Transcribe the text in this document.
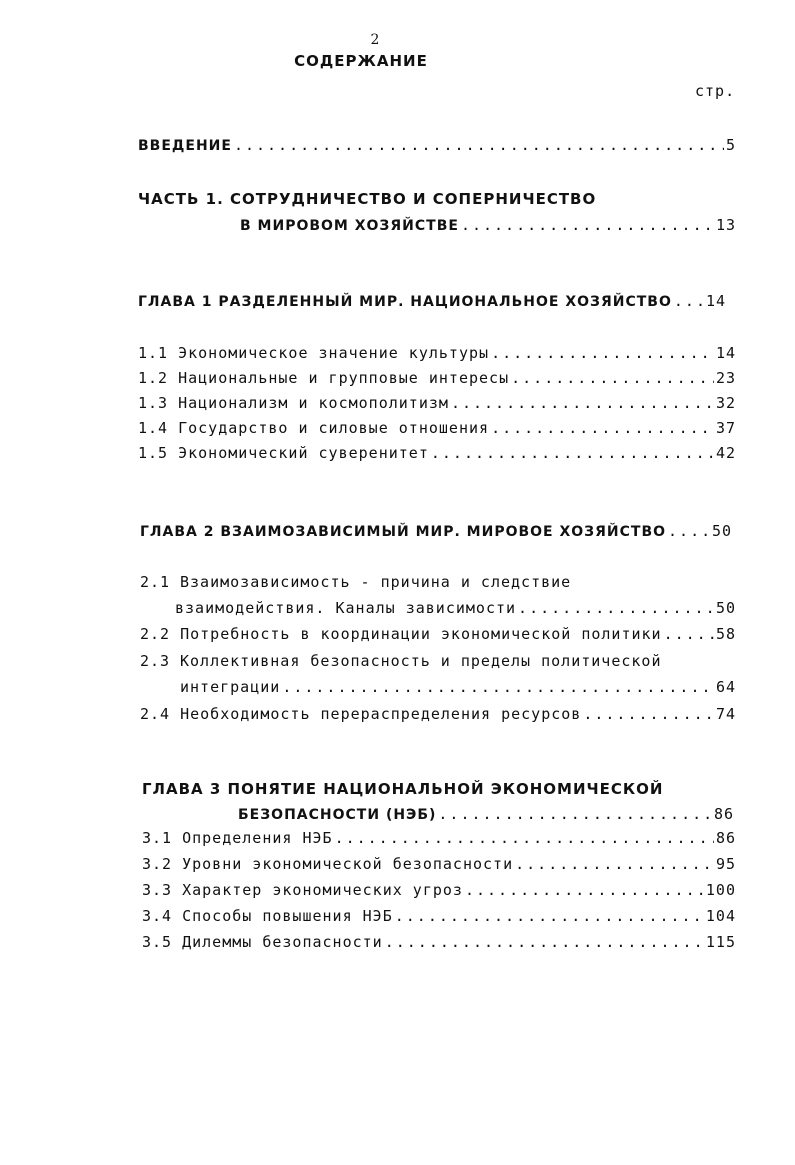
2
СОДЕРЖАНИЕ
стр.
ВВЕДЕНИЕ .....	5
ЧАСТЬ 1. СОТРУДНИЧЕСТВО И СОПЕРНИЧЕСТВО
В МИРОВОМ ХОЗЯЙСТВЕ .....	13
ГЛАВА 1 РАЗДЕЛЕННЫЙ МИР. НАЦИОНАЛЬНОЕ ХОЗЯЙСТВО ..... 14
1.1 Экономическое значение культуры .....	14
1.2 Национальные и групповые интересы .....	23
1.3 Национализм и космополитизм .....	32
1.4 Государство и силовые отношения .....	37
1.5 Экономический суверенитет .....	42
ГЛАВА 2 ВЗАИМОЗАВИСИМЫЙ МИР. МИРОВОЕ ХОЗЯЙСТВО .....	50
2.1 Взаимозависимость - причина и следствие
взаимодействия. Каналы зависимости .....	50
2.2 Потребность в координации экономической политики .....	58
2.3 Коллективная безопасность и пределы политической
интеграции .....	64
2.4 Необходимость перераспределения ресурсов .....	74
ГЛАВА 3 ПОНЯТИЕ НАЦИОНАЛЬНОЙ ЭКОНОМИЧЕСКОЙ
БЕЗОПАСНОСТИ (НЭБ) .....	86
3.1 Определения НЭБ .....	86
3.2 Уровни экономической безопасности .....	95
3.3 Характер экономических угроз .....	100
3.4 Способы повышения НЭБ .....	104
3.5 Дилеммы безопасности .....	115
